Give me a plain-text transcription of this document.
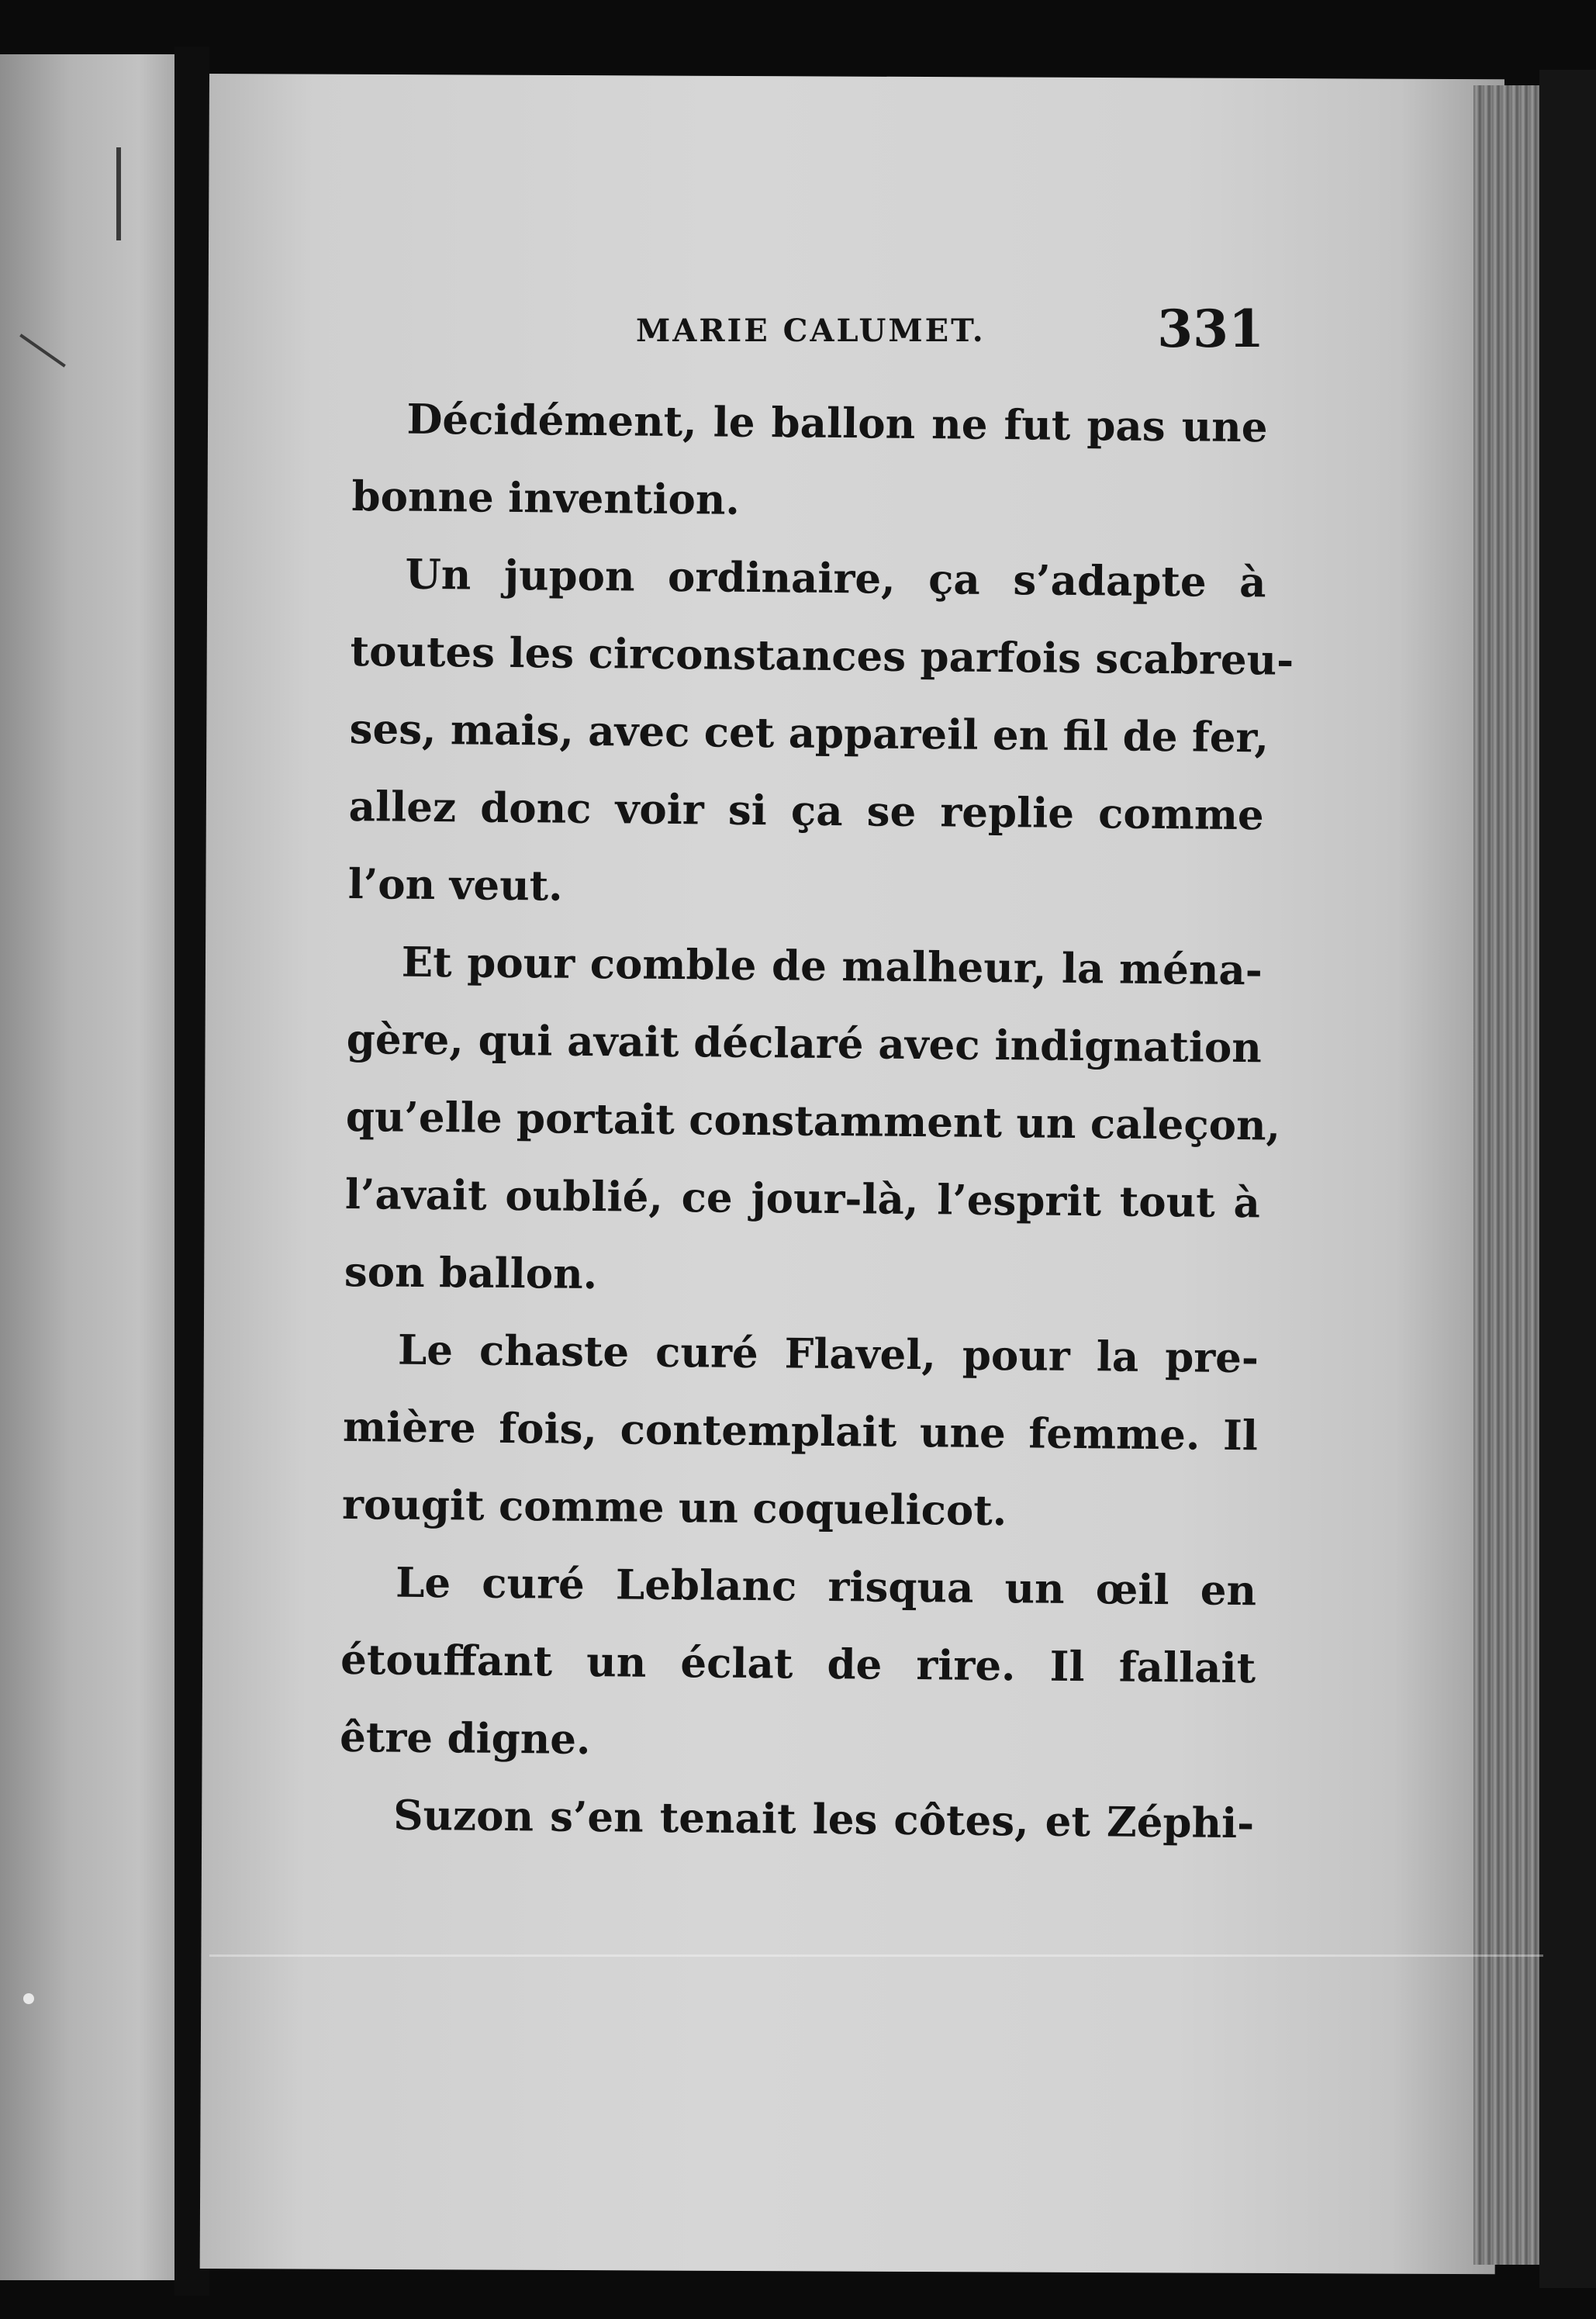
MARIE CALUMET.	331
Décidément, le ballon ne fut pas une
bonne invention.
Un jupon ordinaire, ça s’adapte à
toutes les circonstances parfois scabreu-
ses, mais, avec cet appareil en fil de fer,
allez donc voir si ça se replie comme
l’on veut.
Et pour comble de malheur, la ména-
gère, qui avait déclaré avec indignation
qu’elle portait constamment un caleçon,
l’avait oublié, ce jour-là, l’esprit tout à
son ballon.
Le chaste curé Flavel, pour la pre-
mière fois, contemplait une femme. Il
rougit comme un coquelicot.
Le curé Leblanc risqua un œil en
étouffant un éclat de rire. Il fallait
être digne.
Suzon s’en tenait les côtes, et Zéphi-
